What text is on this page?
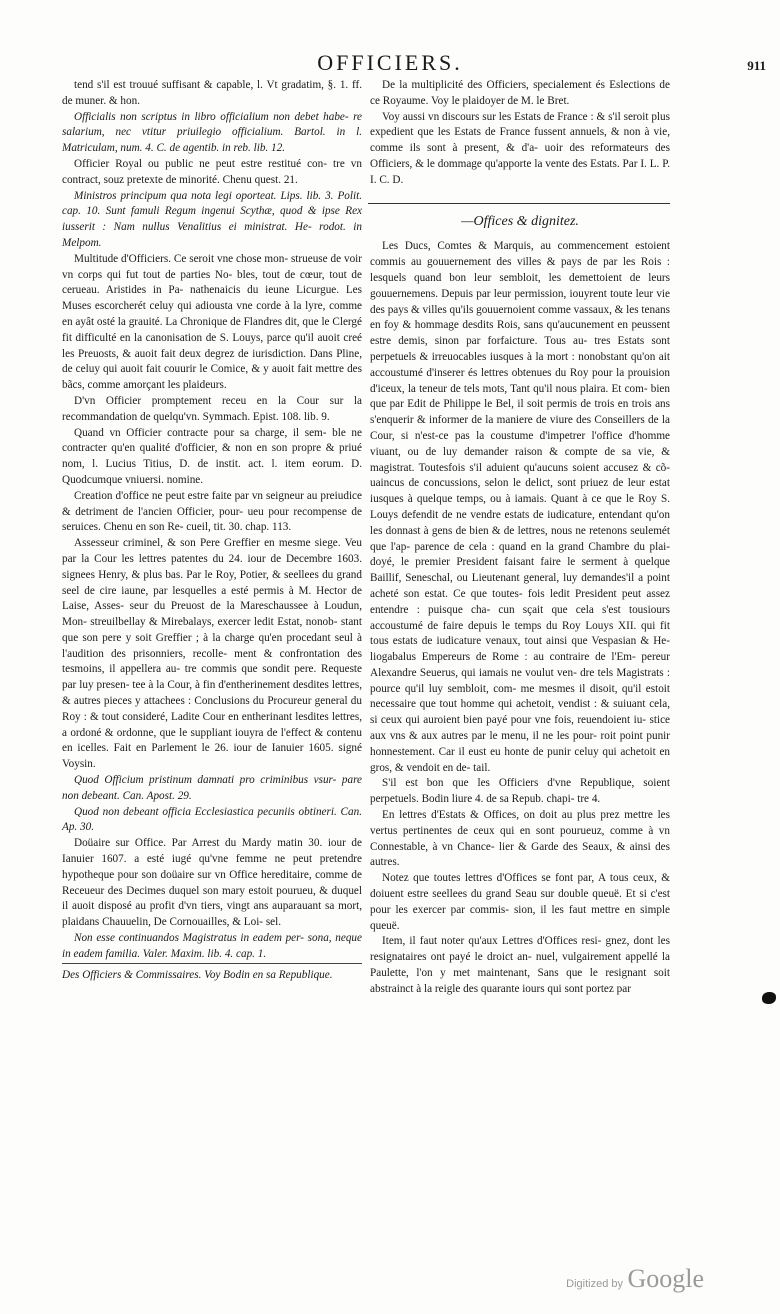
OFFICIERS.	911

tend s'il est trouué suffisant & capable, l. Vt gradatim, §. 1. ff. de muner. & hon.

Officialis non scriptus in libro officialium non debet habe- re salarium, nec vtitur priuilegio officialium. Bartol. in l. Matriculam, num. 4. C. de agentib. in reb. lib. 12.

Officier Royal ou public ne peut estre restitué con- tre vn contract, souz pretexte de minorité. Chenu quest. 21.

Ministros principum qua nota legi oporteat. Lips. lib. 3. Polit. cap. 10. Sunt famuli Regum ingenui Scythæ, quod & ipse Rex iusserit : Nam nullus Venalitius ei ministrat. He- rodot. in Melpom.

Multitude d'Officiers. Ce seroit vne chose mon- strueuse de voir vn corps qui fut tout de parties No- bles, tout de cœur, tout de cerueau. Aristides in Pa- nathenaicis du ieune Licurgue. Les Muses escorcherét celuy qui adiousta vne corde à la lyre, comme en ayât osté la grauité. La Chronique de Flandres dit, que le Clergé fit difficulté en la canonisation de S. Louys, parce qu'il auoit creé les Preuosts, & auoit fait deux degrez de iurisdiction. Dans Pline, de celuy qui auoit fait couurir le Comice, & y auoit fait mettre des bãcs, comme amorçant les plaideurs.

D'vn Officier promptement receu en la Cour sur la recommandation de quelqu'vn. Symmach. Epist. 108. lib. 9.

Quand vn Officier contracte pour sa charge, il sem- ble ne contracter qu'en qualité d'officier, & non en son propre & priué nom, l. Lucius Titius, D. de instit. act. l. item eorum. D. Quodcumque vniuersi. nomine.

Creation d'office ne peut estre faite par vn seigneur au preiudice & detriment de l'ancien Officier, pour- ueu pour recompense de seruices. Chenu en son Re- cueil, tit. 30. chap. 113.

Assesseur criminel, & son Pere Greffier en mesme siege. Veu par la Cour les lettres patentes du 24. iour de Decembre 1603. signees Henry, & plus bas. Par le Roy, Potier, & seellees du grand seel de cire iaune, par lesquelles a esté permis à M. Hector de Laise, Asses- seur du Preuost de la Mareschaussee à Loudun, Mon- streuilbellay & Mirebalays, exercer ledit Estat, nonob- stant que son pere y soit Greffier ; à la charge qu'en procedant seul à l'audition des prisonniers, recolle- ment & confrontation des tesmoins, il appellera au- tre commis que sondit pere. Requeste par luy presen- tee à la Cour, à fin d'entherinement desdites lettres, & autres pieces y attachees : Conclusions du Procureur general du Roy : & tout consideré, Ladite Cour en entherinant lesdites lettres, a ordoné & ordonne, que le suppliant iouyra de l'effect & contenu en icelles. Fait en Parlement le 26. iour de Ianuier 1605. signé Voysin.

Quod Officium pristinum damnati pro criminibus vsur- pare non debeant. Can. Apost. 29.

Quod non debeant officia Ecclesiastica pecuniis obtineri. Can. Ap. 30.

Doüaire sur Office. Par Arrest du Mardy matin 30. iour de Ianuier 1607. a esté iugé qu'vne femme ne peut pretendre hypotheque pour son doüaire sur vn Office hereditaire, comme de Receueur des Decimes duquel son mary estoit pourueu, & duquel il auoit disposé au profit d'vn tiers, vingt ans auparauant sa mort, plaidans Chauuelin, De Cornouailles, & Loi- sel.

Non esse continuandos Magistratus in eadem per- sona, neque in eadem familia. Valer. Maxim. lib. 4. cap. 1.

Des Officiers & Commissaires. Voy Bodin en sa Republique.

De la multiplicité des Officiers, specialement és Eslections de ce Royaume. Voy le plaidoyer de M. le Bret.

Voy aussi vn discours sur les Estats de France : & s'il seroit plus expedient que les Estats de France fussent annuels, & non à vie, comme ils sont à present, & d'a- uoir des reformateurs des Officiers, & le dommage qu'apporte la vente des Estats. Par I. L. P. I. C. D.

— Offices & dignitez.

Les Ducs, Comtes & Marquis, au commencement estoient commis au gouuernement des villes & pays de par les Rois : lesquels quand bon leur sembloit, les demettoient de leurs gouuernemens. Depuis par leur permission, iouyrent toute leur vie des pays & villes qu'ils gouuernoient comme vassaux, & les tenans en foy & hommage desdits Rois, sans qu'aucunement en peussent estre demis, sinon par forfaicture. Tous au- tres Estats sont perpetuels & irreuocables iusques à la mort : nonobstant qu'on ait accoustumé d'inserer és lettres obtenues du Roy pour la prouision d'iceux, la teneur de tels mots, Tant qu'il nous plaira. Et com- bien que par Edit de Philippe le Bel, il soit permis de trois en trois ans s'enquerir & informer de la maniere de viure des Conseillers de la Cour, si n'est-ce pas la coustume d'impetrer l'office d'homme viuant, ou de luy demander raison & compte de sa vie, & magistrat. Toutesfois s'il aduient qu'aucuns soient accusez & cõ- uaincus de concussions, selon le delict, sont priuez de leur estat iusques à quelque temps, ou à iamais. Quant à ce que le Roy S. Louys defendit de ne vendre estats de iudicature, entendant qu'on les donnast à gens de bien & de lettres, nous ne retenons seulemét que l'ap- parence de cela : quand en la grand Chambre du plai- doyé, le premier President faisant faire le serment à quelque Baillif, Seneschal, ou Lieutenant general, luy demandes'il a point acheté son estat. Ce que toutes- fois ledit President peut assez entendre : puisque cha- cun sçait que cela s'est tousiours accoustumé de faire depuis le temps du Roy Louys XII. qui fit tous estats de iudicature venaux, tout ainsi que Vespasian & He- liogabalus Empereurs de Rome : au contraire de l'Em- pereur Alexandre Seuerus, qui iamais ne voulut ven- dre tels Magistrats : pource qu'il luy sembloit, com- me mesmes il disoit, qu'il estoit necessaire que tout homme qui achetoit, vendist : & suiuant cela, si ceux qui auroient bien payé pour vne fois, reuendoient iu- stice aux vns & aux autres par le menu, il ne les pour- roit point punir honnestement. Car il eust eu honte de punir celuy qui achetoit en gros, & vendoit en de- tail.

S'il est bon que les Officiers d'vne Republique, soient perpetuels. Bodin liure 4. de sa Repub. chapi- tre 4.

En lettres d'Estats & Offices, on doit au plus prez mettre les vertus pertinentes de ceux qui en sont pourueuz, comme à vn Connestable, à vn Chance- lier & Garde des Seaux, & ainsi des autres.

Notez que toutes lettres d'Offices se font par, A tous ceux, & doiuent estre seellees du grand Seau sur double queuë. Et si c'est pour les exercer par commis- sion, il les faut mettre en simple queuë.

Item, il faut noter qu'aux Lettres d'Offices resi- gnez, dont les resignataires ont payé le droict an- nuel, vulgairement appellé la Paulette, l'on y met maintenant, Sans que le resignant soit abstrainct à la reigle des quarante iours qui sont portez par

Digitized by Google
